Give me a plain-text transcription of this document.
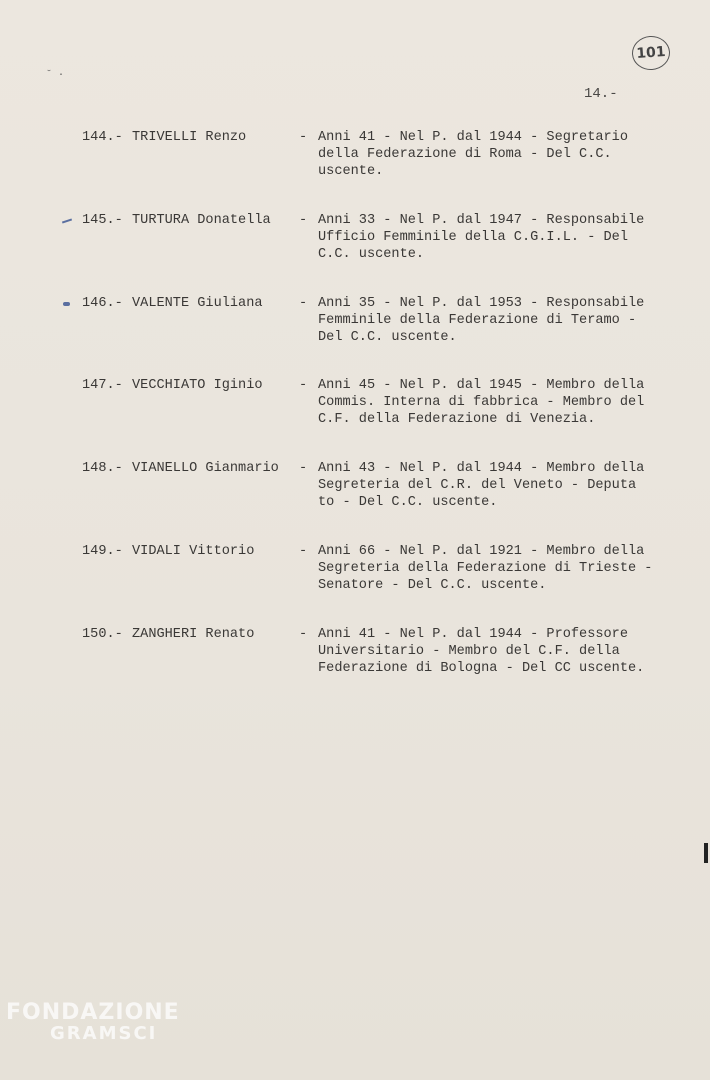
˘ ·
101
14.-
144.- TRIVELLI Renzo	- Anni 41 - Nel P. dal 1944 - Segretario
della Federazione di Roma - Del C.C.
uscente.
145.- TURTURA Donatella - Anni 33 - Nel P. dal 1947 - Responsabile
Ufficio Femminile della C.G.I.L. - Del
C.C. uscente.
146.- VALENTE Giuliana	- Anni 35 - Nel P. dal 1953 - Responsabile
Femminile della Federazione di Teramo -
Del C.C. uscente.
147.- VECCHIATO Iginio	- Anni 45 - Nel P. dal 1945 - Membro della
Commis. Interna di fabbrica - Membro del
C.F. della Federazione di Venezia.
148.- VIANELLO Gianmario - Anni 43 - Nel P. dal 1944 - Membro della
Segreteria del C.R. del Veneto - Deputa
to - Del C.C. uscente.
149.- VIDALI Vittorio	- Anni 66 - Nel P. dal 1921 - Membro della
Segreteria della Federazione di Trieste -
Senatore - Del C.C. uscente.
150.- ZANGHERI Renato	- Anni 41 - Nel P. dal 1944 - Professore
Universitario - Membro del C.F. della
Federazione di Bologna - Del CC uscente.
FONDAZIONE
GRAMSCI
